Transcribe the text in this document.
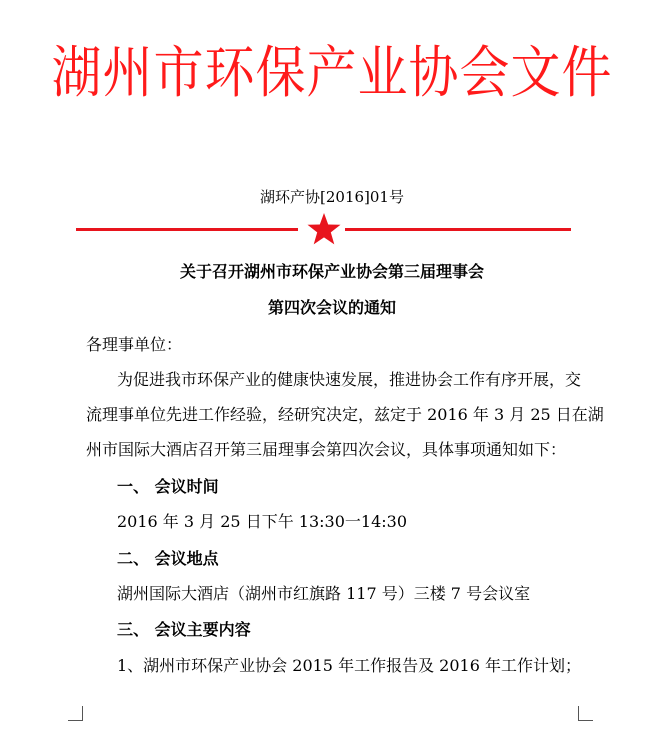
湖州市环保产业协会文件
湖环产协[2016]01号
关于召开湖州市环保产业协会第三届理事会
第四次会议的通知
各理事单位：
为促进我市环保产业的健康快速发展，推进协会工作有序开展，交
流理事单位先进工作经验，经研究决定，兹定于 2016 年 3 月 25 日在湖
州市国际大酒店召开第三届理事会第四次会议，具体事项通知如下：
一、 会议时间
2016 年 3 月 25 日下午 13:30一14:30
二、 会议地点
湖州国际大酒店（湖州市红旗路 117 号）三楼 7 号会议室
三、 会议主要内容
1、湖州市环保产业协会 2015 年工作报告及 2016 年工作计划；
